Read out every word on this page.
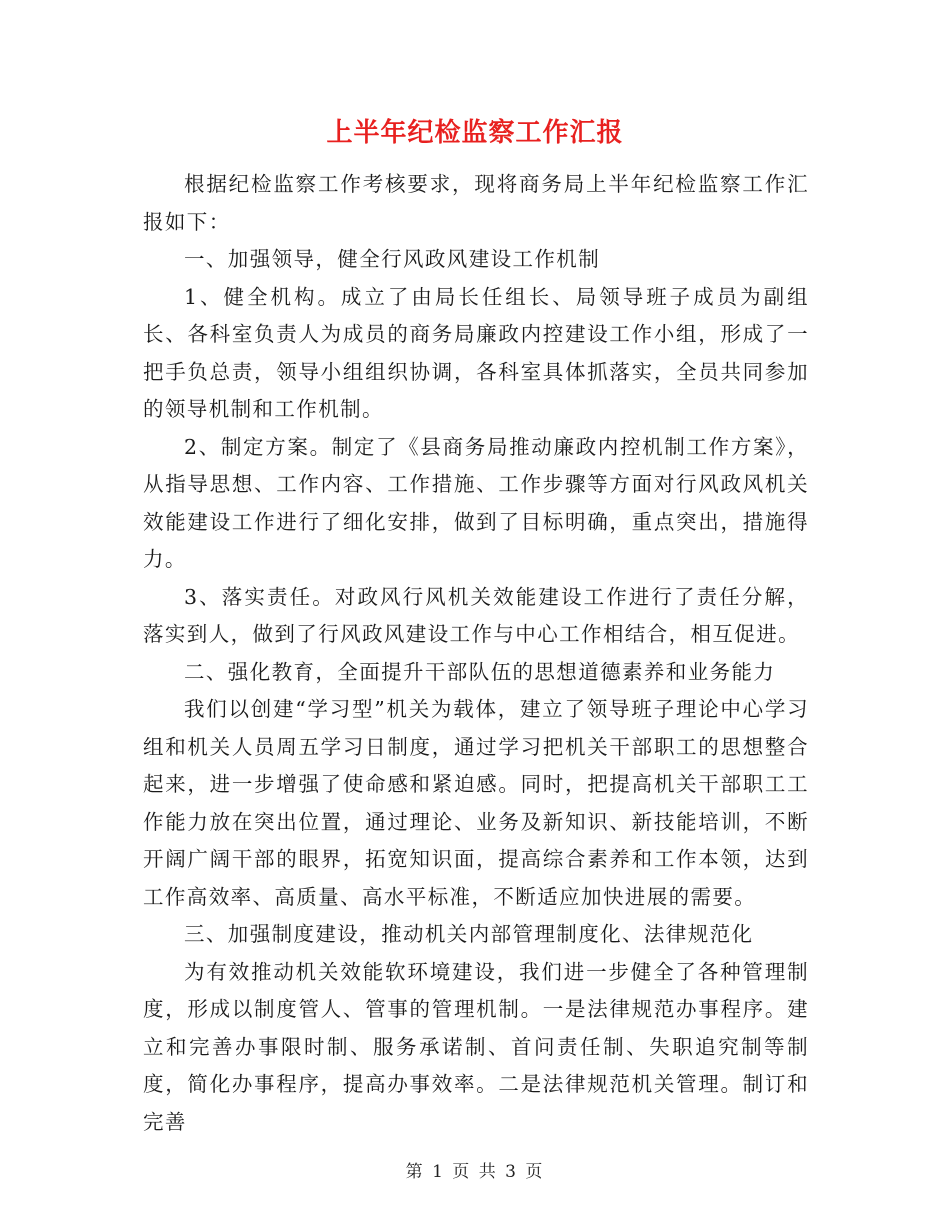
上半年纪检监察工作汇报

根据纪检监察工作考核要求，现将商务局上半年纪检监察工作汇报如下：

一、加强领导，健全行风政风建设工作机制

1、健全机构。成立了由局长任组长、局领导班子成员为副组长、各科室负责人为成员的商务局廉政内控建设工作小组，形成了一把手负总责，领导小组组织协调，各科室具体抓落实，全员共同参加的领导机制和工作机制。

2、制定方案。制定了《县商务局推动廉政内控机制工作方案》，从指导思想、工作内容、工作措施、工作步骤等方面对行风政风机关效能建设工作进行了细化安排，做到了目标明确，重点突出，措施得力。

3、落实责任。对政风行风机关效能建设工作进行了责任分解，落实到人，做到了行风政风建设工作与中心工作相结合，相互促进。

二、强化教育，全面提升干部队伍的思想道德素养和业务能力

我们以创建“学习型”机关为载体，建立了领导班子理论中心学习组和机关人员周五学习日制度，通过学习把机关干部职工的思想整合起来，进一步增强了使命感和紧迫感。同时，把提高机关干部职工工作能力放在突出位置，通过理论、业务及新知识、新技能培训，不断开阔广阔干部的眼界，拓宽知识面，提高综合素养和工作本领，达到工作高效率、高质量、高水平标准，不断适应加快进展的需要。

三、加强制度建设，推动机关内部管理制度化、法律规范化

为有效推动机关效能软环境建设，我们进一步健全了各种管理制度，形成以制度管人、管事的管理机制。一是法律规范办事程序。建立和完善办事限时制、服务承诺制、首问责任制、失职追究制等制度，简化办事程序，提高办事效率。二是法律规范机关管理。制订和完善

第 1 页 共 3 页
